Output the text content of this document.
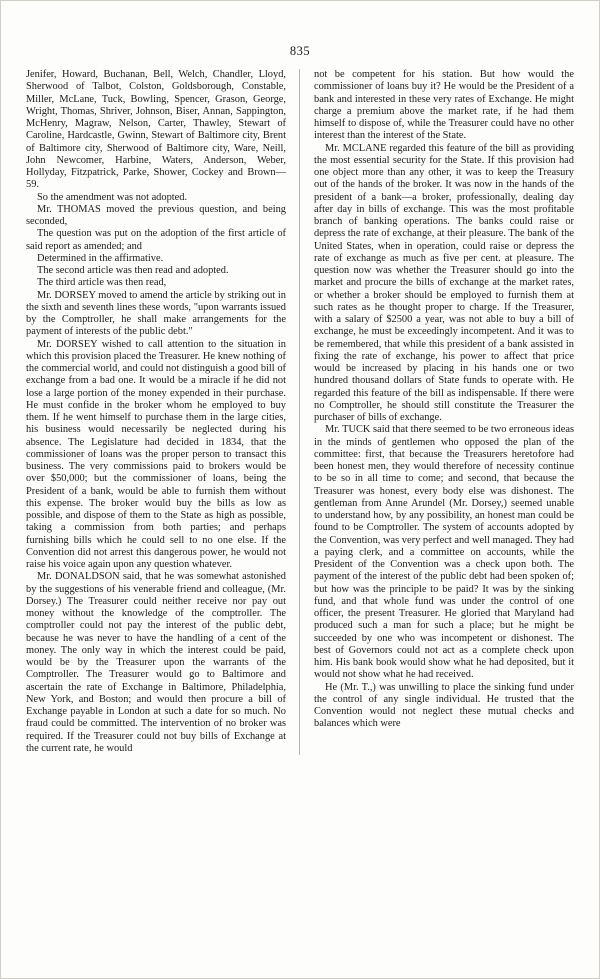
835

Jenifer, Howard, Buchanan, Bell, Welch, Chandler, Lloyd, Sherwood of Talbot, Colston, Goldsborough, Constable, Miller, McLane, Tuck, Bowling, Spencer, Grason, George, Wright, Thomas, Shriver, Johnson, Biser, Annan, Sappington, McHenry, Magraw, Nelson, Carter, Thawley, Stewart of Caroline, Hardcastle, Gwinn, Stewart of Baltimore city, Brent of Baltimore city, Sherwood of Baltimore city, Ware, Neill, John Newcomer, Harbine, Waters, Anderson, Weber, Hollyday, Fitzpatrick, Parke, Shower, Cockey and Brown—59.

So the amendment was not adopted.

Mr. THOMAS moved the previous question, and being seconded,

The question was put on the adoption of the first article of said report as amended; and

Determined in the affirmative.

The second article was then read and adopted.

The third article was then read,

Mr. DORSEY moved to amend the article by striking out in the sixth and seventh lines these words, "upon warrants issued by the Comptroller, he shall make arrangements for the payment of interests of the public debt."

Mr. DORSEY wished to call attention to the situation in which this provision placed the Treasurer. He knew nothing of the commercial world, and could not distinguish a good bill of exchange from a bad one. It would be a miracle if he did not lose a large portion of the money expended in their purchase. He must confide in the broker whom he employed to buy them. If he went himself to purchase them in the large cities, his business would necessarily be neglected during his absence. The Legislature had decided in 1834, that the commissioner of loans was the proper person to transact this business. The very commissions paid to brokers would be over $50,000; but the commissioner of loans, being the President of a bank, would be able to furnish them without this expense. The broker would buy the bills as low as possible, and dispose of them to the State as high as possible, taking a commission from both parties; and perhaps furnishing bills which he could sell to no one else. If the Convention did not arrest this dangerous power, he would not raise his voice again upon any question whatever.

Mr. DONALDSON said, that he was somewhat astonished by the suggestions of his venerable friend and colleague, (Mr. Dorsey.) The Treasurer could neither receive nor pay out money without the knowledge of the comptroller. The comptroller could not pay the interest of the public debt, because he was never to have the handling of a cent of the money. The only way in which the interest could be paid, would be by the Treasurer upon the warrants of the Comptroller. The Treasurer would go to Baltimore and ascertain the rate of Exchange in Baltimore, Philadelphia, New York, and Boston; and would then procure a bill of Exchange payable in London at such a date for so much. No fraud could be committed. The intervention of no broker was required. If the Treasurer could not buy bills of Exchange at the current rate, he would

not be competent for his station. But how would the commissioner of loans buy it? He would be the President of a bank and interested in these very rates of Exchange. He might charge a premium above the market rate, if he had them himself to dispose of, while the Treasurer could have no other interest than the interest of the State.

Mr. MCLANE regarded this feature of the bill as providing the most essential security for the State. If this provision had one object more than any other, it was to keep the Treasury out of the hands of the broker. It was now in the hands of the president of a bank—a broker, professionally, dealing day after day in bills of exchange. This was the most profitable branch of banking operations. The banks could raise or depress the rate of exchange, at their pleasure. The bank of the United States, when in operation, could raise or depress the rate of exchange as much as five per cent. at pleasure. The question now was whether the Treasurer should go into the market and procure the bills of exchange at the market rates, or whether a broker should be employed to furnish them at such rates as he thought proper to charge. If the Treasurer, with a salary of $2500 a year, was not able to buy a bill of exchange, he must be exceedingly incompetent. And it was to be remembered, that while this president of a bank assisted in fixing the rate of exchange, his power to affect that price would be increased by placing in his hands one or two hundred thousand dollars of State funds to operate with. He regarded this feature of the bill as indispensable. If there were no Comptroller, he should still constitute the Treasurer the purchaser of bills of exchange.

Mr. TUCK said that there seemed to be two erroneous ideas in the minds of gentlemen who opposed the plan of the committee: first, that because the Treasurers heretofore had been honest men, they would therefore of necessity continue to be so in all time to come; and second, that because the Treasurer was honest, every body else was dishonest. The gentleman from Anne Arundel (Mr. Dorsey,) seemed unable to understand how, by any possibility, an honest man could be found to be Comptroller. The system of accounts adopted by the Convention, was very perfect and well managed. They had a paying clerk, and a committee on accounts, while the President of the Convention was a check upon both. The payment of the interest of the public debt had been spoken of; but how was the principle to be paid? It was by the sinking fund, and that whole fund was under the control of one officer, the present Treasurer. He gloried that Maryland had produced such a man for such a place; but he might be succeeded by one who was incompetent or dishonest. The best of Governors could not act as a complete check upon him. His bank book would show what he had deposited, but it would not show what he had received.

He (Mr. T.,) was unwilling to place the sinking fund under the control of any single individual. He trusted that the Convention would not neglect these mutual checks and balances which were
